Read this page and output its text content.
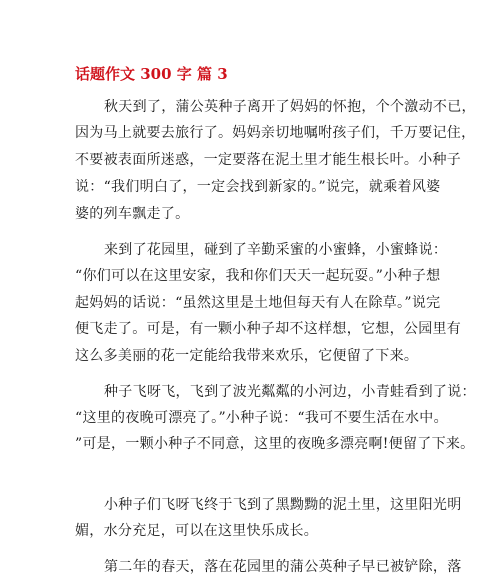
话题作文 300 字 篇 3
秋天到了，蒲公英种子离开了妈妈的怀抱，个个激动不已，
因为马上就要去旅行了。妈妈亲切地嘱咐孩子们，千万要记住，
不要被表面所迷惑，一定要落在泥土里才能生根长叶。小种子
说：“我们明白了，一定会找到新家的。”说完，就乘着风婆
婆的列车飘走了。
来到了花园里，碰到了辛勤采蜜的小蜜蜂，小蜜蜂说：
“你们可以在这里安家，我和你们天天一起玩耍。”小种子想
起妈妈的话说：“虽然这里是土地但每天有人在除草。”说完
便飞走了。可是，有一颗小种子却不这样想，它想，公园里有
这么多美丽的花一定能给我带来欢乐，它便留了下来。
种子飞呀飞，飞到了波光粼粼的小河边，小青蛙看到了说：
“这里的夜晚可漂亮了。”小种子说：“我可不要生活在水中。
”可是，一颗小种子不同意，这里的夜晚多漂亮啊!便留了下来。
小种子们飞呀飞终于飞到了黑黝黝的泥土里，这里阳光明
媚，水分充足，可以在这里快乐成长。
第二年的春天，落在花园里的蒲公英种子早已被铲除，落
